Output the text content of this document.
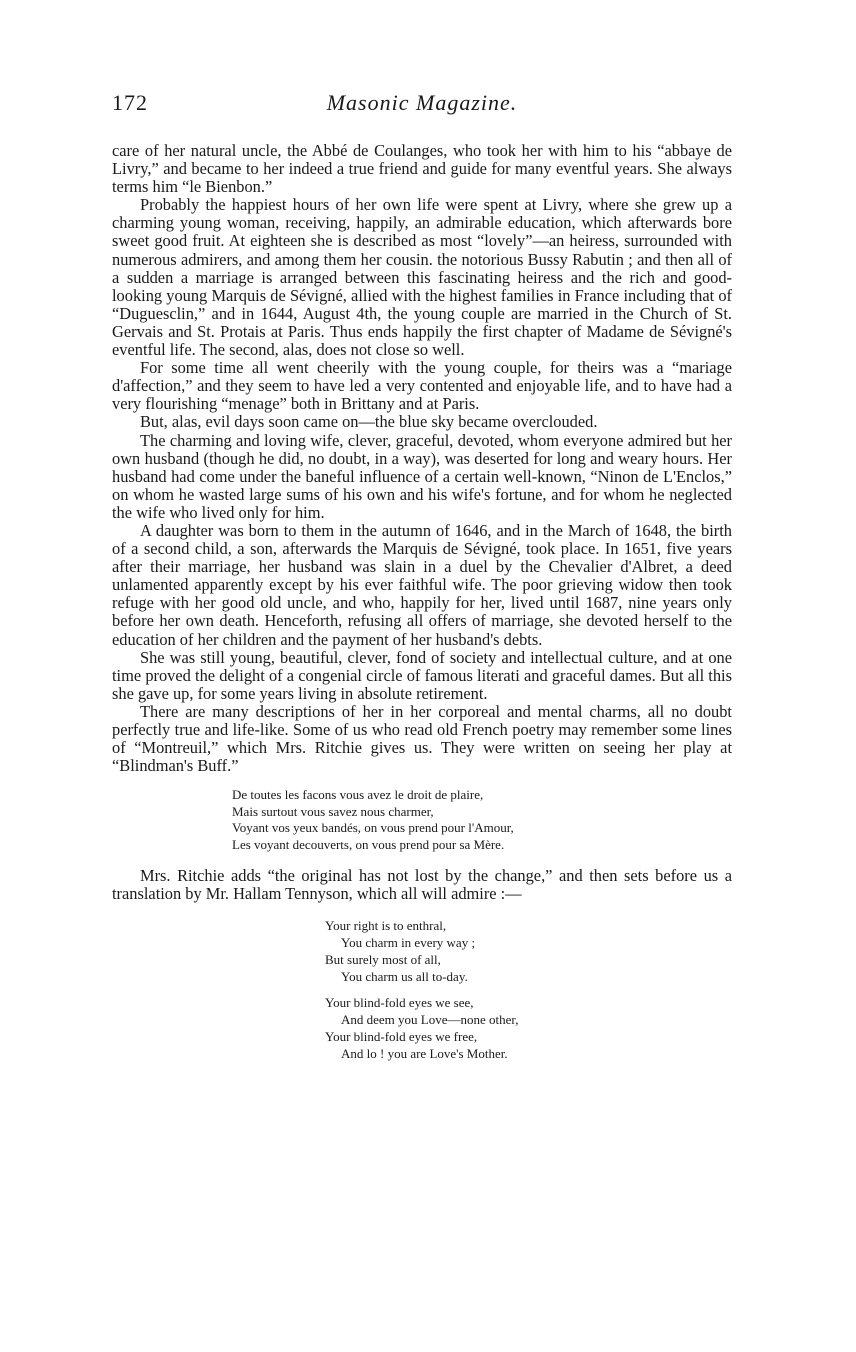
172	Masonic Magazine.

care of her natural uncle, the Abbé de Coulanges, who took her with him to his “abbaye de Livry,” and became to her indeed a true friend and guide for many eventful years. She always terms him “le Bienbon.”

Probably the happiest hours of her own life were spent at Livry, where she grew up a charming young woman, receiving, happily, an admirable education, which afterwards bore sweet good fruit. At eighteen she is described as most “lovely”—an heiress, surrounded with numerous admirers, and among them her cousin. the notorious Bussy Rabutin ; and then all of a sudden a marriage is arranged between this fascinating heiress and the rich and good-looking young Marquis de Sévigné, allied with the highest families in France including that of “Duguesclin,” and in 1644, August 4th, the young couple are married in the Church of St. Gervais and St. Protais at Paris. Thus ends happily the first chapter of Madame de Sévigné's eventful life. The second, alas, does not close so well.

For some time all went cheerily with the young couple, for theirs was a “mariage d'affection,” and they seem to have led a very contented and enjoyable life, and to have had a very flourishing “menage” both in Brittany and at Paris.

But, alas, evil days soon came on—the blue sky became overclouded.

The charming and loving wife, clever, graceful, devoted, whom everyone admired but her own husband (though he did, no doubt, in a way), was deserted for long and weary hours. Her husband had come under the baneful influence of a certain well-known, “Ninon de L'Enclos,” on whom he wasted large sums of his own and his wife's fortune, and for whom he neglected the wife who lived only for him.

A daughter was born to them in the autumn of 1646, and in the March of 1648, the birth of a second child, a son, afterwards the Marquis de Sévigné, took place. In 1651, five years after their marriage, her husband was slain in a duel by the Chevalier d'Albret, a deed unlamented apparently except by his ever faithful wife. The poor grieving widow then took refuge with her good old uncle, and who, happily for her, lived until 1687, nine years only before her own death. Henceforth, refusing all offers of marriage, she devoted herself to the education of her children and the payment of her husband's debts.

She was still young, beautiful, clever, fond of society and intellectual culture, and at one time proved the delight of a congenial circle of famous literati and graceful dames. But all this she gave up, for some years living in absolute retirement.

There are many descriptions of her in her corporeal and mental charms, all no doubt perfectly true and life-like. Some of us who read old French poetry may remember some lines of “Montreuil,” which Mrs. Ritchie gives us. They were written on seeing her play at “Blindman's Buff.”

De toutes les facons vous avez le droit de plaire,
Mais surtout vous savez nous charmer,
Voyant vos yeux bandés, on vous prend pour l'Amour,
Les voyant decouverts, on vous prend pour sa Mère.

Mrs. Ritchie adds “the original has not lost by the change,” and then sets before us a translation by Mr. Hallam Tennyson, which all will admire :—

Your right is to enthral,
You charm in every way ;
But surely most of all,
You charm us all to-day.
Your blind-fold eyes we see,
And deem you Love—none other,
Your blind-fold eyes we free,
And lo ! you are Love's Mother.
